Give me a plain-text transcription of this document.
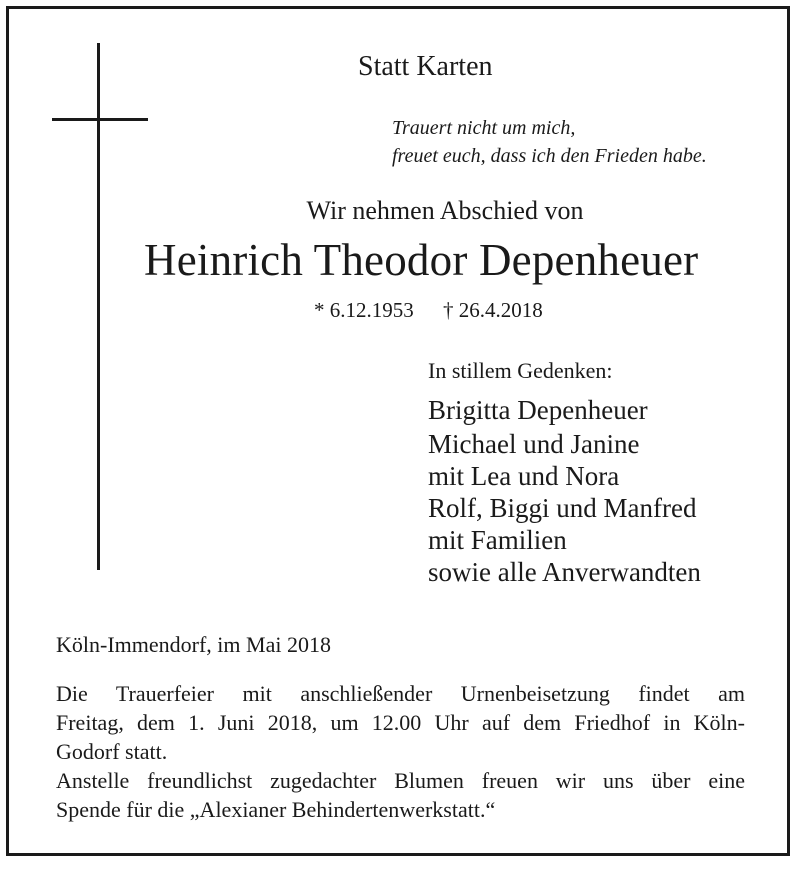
Statt Karten
Trauert nicht um mich,
freuet euch, dass ich den Frieden habe.
Wir nehmen Abschied von
Heinrich Theodor Depenheuer
* 6.12.1953 † 26.4.2018
In stillem Gedenken:
Brigitta Depenheuer
Michael und Janine
mit Lea und Nora
Rolf, Biggi und Manfred
mit Familien
sowie alle Anverwandten
Köln-Immendorf, im Mai 2018
Die Trauerfeier mit anschließender Urnenbeisetzung findet am
Freitag, dem 1. Juni 2018, um 12.00 Uhr auf dem Friedhof in Köln-
Godorf statt.
Anstelle freundlichst zugedachter Blumen freuen wir uns über eine
Spende für die „Alexianer Behindertenwerkstatt.“
